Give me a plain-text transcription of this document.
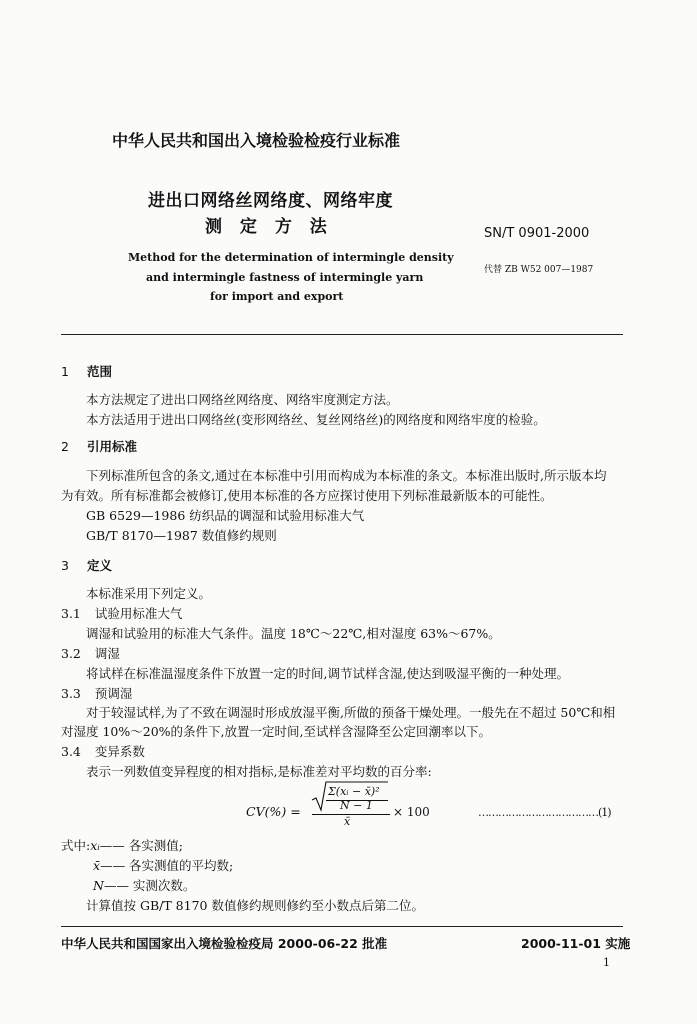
中华人民共和国出入境检验检疫行业标准
进出口网络丝网络度、网络牢度
测 定 方 法	SN/T 0901-2000
代替 ZB W52 007—1987
Method for the determination of intermingle density
and intermingle fastness of intermingle yarn
for import and export
1 范围
本方法规定了进出口网络丝网络度、网络牢度测定方法。
本方法适用于进出口网络丝(变形网络丝、复丝网络丝)的网络度和网络牢度的检验。
2 引用标准
下列标准所包含的条文,通过在本标准中引用而构成为本标准的条文。本标准出版时,所示版本均
为有效。所有标准都会被修订,使用本标准的各方应探讨使用下列标准最新版本的可能性。
GB 6529—1986 纺织品的调湿和试验用标准大气
GB/T 8170—1987 数值修约规则
3 定义
本标准采用下列定义。
3.1 试验用标准大气
调湿和试验用的标准大气条件。温度 18℃～22℃,相对湿度 63%～67%。
3.2 调湿
将试样在标准温湿度条件下放置一定的时间,调节试样含湿,使达到吸湿平衡的一种处理。
3.3 预调湿
对于较湿试样,为了不致在调湿时形成放湿平衡,所做的预备干燥处理。一般先在不超过 50℃和相
对湿度 10%～20%的条件下,放置一定时间,至试样含湿降至公定回潮率以下。
3.4 变异系数
表示一列数值变异程度的相对指标,是标准差对平均数的百分率:
CV(%) =
Σ(xᵢ − x̄)²
N − 1
x̄
× 100	………………………………(1)
式中:xᵢ—— 各实测值;
x̄—— 各实测值的平均数;
N—— 实测次数。
计算值按 GB/T 8170 数值修约规则修约至小数点后第二位。
中华人民共和国国家出入境检验检疫局 2000-06-22 批准	2000-11-01 实施
1
